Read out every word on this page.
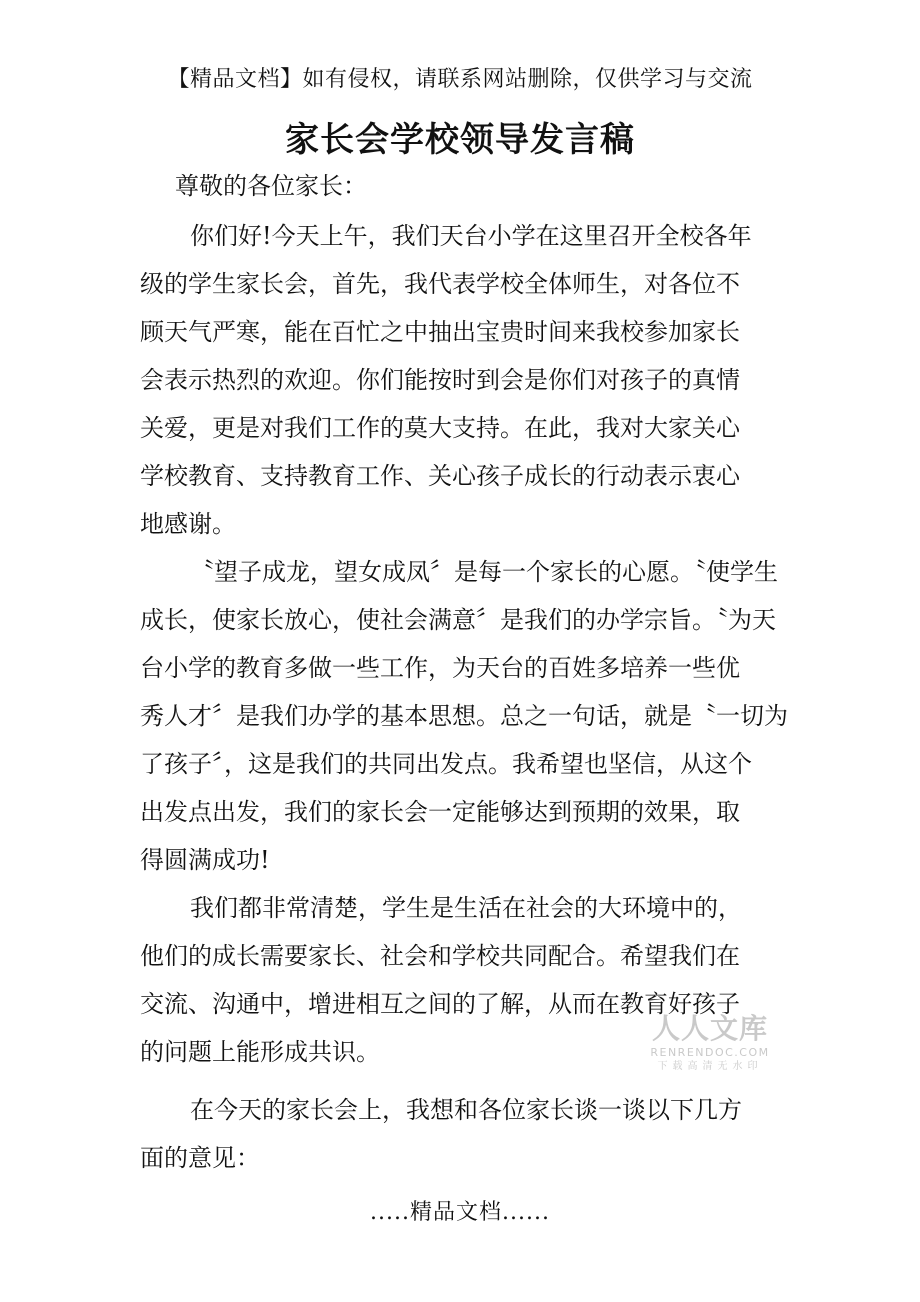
【精品文档】如有侵权，请联系网站删除，仅供学习与交流
家长会学校领导发言稿
尊敬的各位家长：
你们好!今天上午，我们天台小学在这里召开全校各年
级的学生家长会，首先，我代表学校全体师生，对各位不
顾天气严寒，能在百忙之中抽出宝贵时间来我校参加家长
会表示热烈的欢迎。你们能按时到会是你们对孩子的真情
关爱，更是对我们工作的莫大支持。在此，我对大家关心
学校教育、支持教育工作、关心孩子成长的行动表示衷心
地感谢。
〝望子成龙，望女成凤〞是每一个家长的心愿。〝使学生
成长，使家长放心，使社会满意〞是我们的办学宗旨。〝为天
台小学的教育多做一些工作，为天台的百姓多培养一些优
秀人才〞是我们办学的基本思想。总之一句话，就是〝一切为
了孩子〞，这是我们的共同出发点。我希望也坚信，从这个
出发点出发，我们的家长会一定能够达到预期的效果，取
得圆满成功!
我们都非常清楚，学生是生活在社会的大环境中的，
他们的成长需要家长、社会和学校共同配合。希望我们在
交流、沟通中，增进相互之间的了解，从而在教育好孩子
的问题上能形成共识。
在今天的家长会上，我想和各位家长谈一谈以下几方
面的意见：
人人文库
RENRENDOC.COM
下载高清无水印
.....精品文档......
